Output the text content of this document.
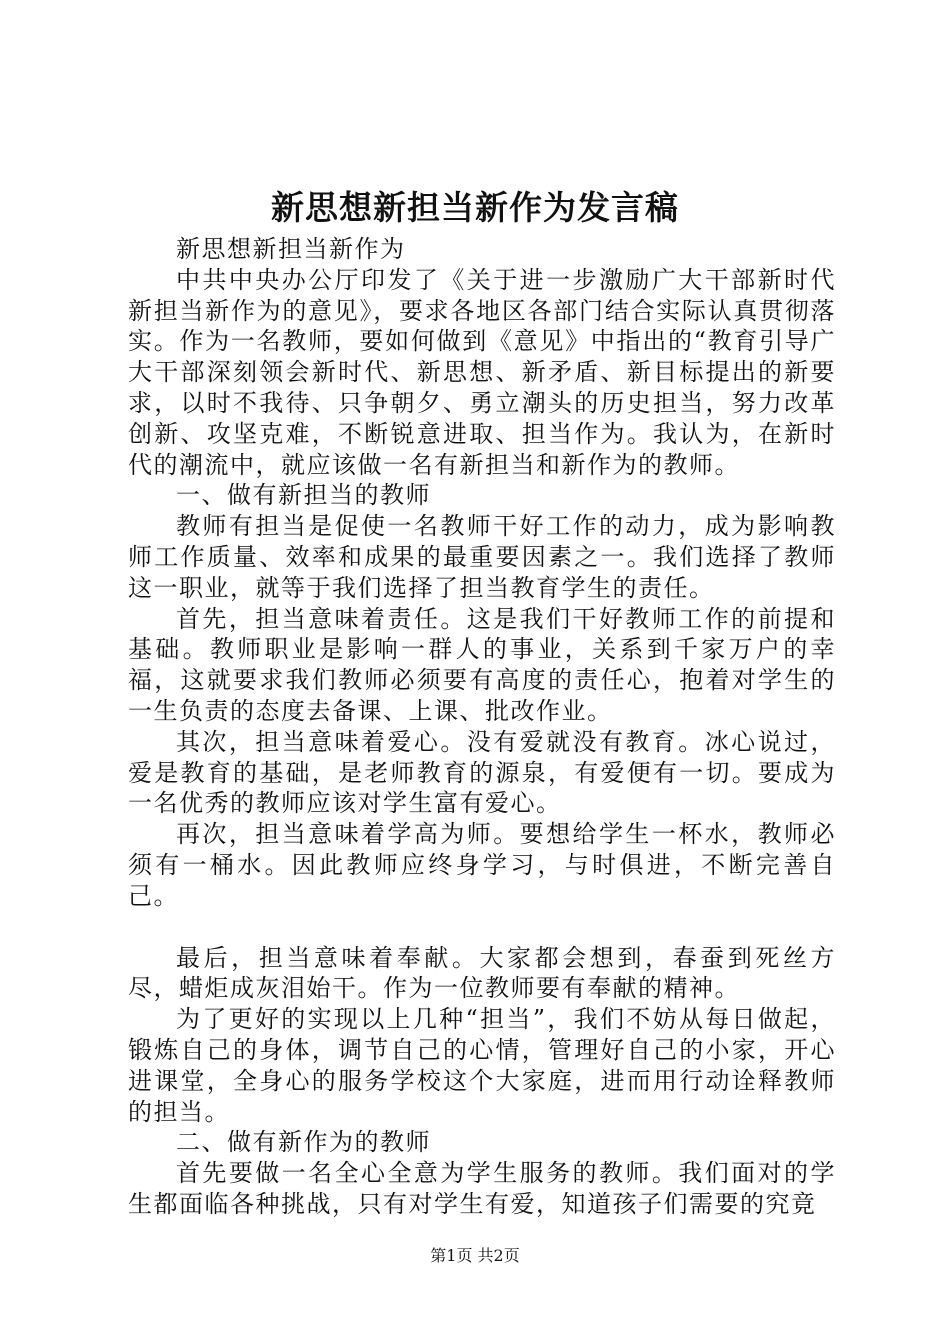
新思想新担当新作为发言稿

新思想新担当新作为

中共中央办公厅印发了《关于进一步激励广大干部新时代新担当新作为的意见》，要求各地区各部门结合实际认真贯彻落实。作为一名教师，要如何做到《意见》中指出的“教育引导广大干部深刻领会新时代、新思想、新矛盾、新目标提出的新要求，以时不我待、只争朝夕、勇立潮头的历史担当，努力改革创新、攻坚克难，不断锐意进取、担当作为。我认为，在新时代的潮流中，就应该做一名有新担当和新作为的教师。

一、做有新担当的教师

教师有担当是促使一名教师干好工作的动力，成为影响教师工作质量、效率和成果的最重要因素之一。我们选择了教师这一职业，就等于我们选择了担当教育学生的责任。

首先，担当意味着责任。这是我们干好教师工作的前提和基础。教师职业是影响一群人的事业，关系到千家万户的幸福，这就要求我们教师必须要有高度的责任心，抱着对学生的一生负责的态度去备课、上课、批改作业。

其次，担当意味着爱心。没有爱就没有教育。冰心说过，爱是教育的基础，是老师教育的源泉，有爱便有一切。要成为一名优秀的教师应该对学生富有爱心。

再次，担当意味着学高为师。要想给学生一杯水，教师必须有一桶水。因此教师应终身学习，与时俱进，不断完善自己。

最后，担当意味着奉献。大家都会想到，春蚕到死丝方尽，蜡炬成灰泪始干。作为一位教师要有奉献的精神。

为了更好的实现以上几种“担当”，我们不妨从每日做起，锻炼自己的身体，调节自己的心情，管理好自己的小家，开心进课堂，全身心的服务学校这个大家庭，进而用行动诠释教师的担当。

二、做有新作为的教师

首先要做一名全心全意为学生服务的教师。我们面对的学生都面临各种挑战，只有对学生有爱，知道孩子们需要的究竟

第1页 共2页
